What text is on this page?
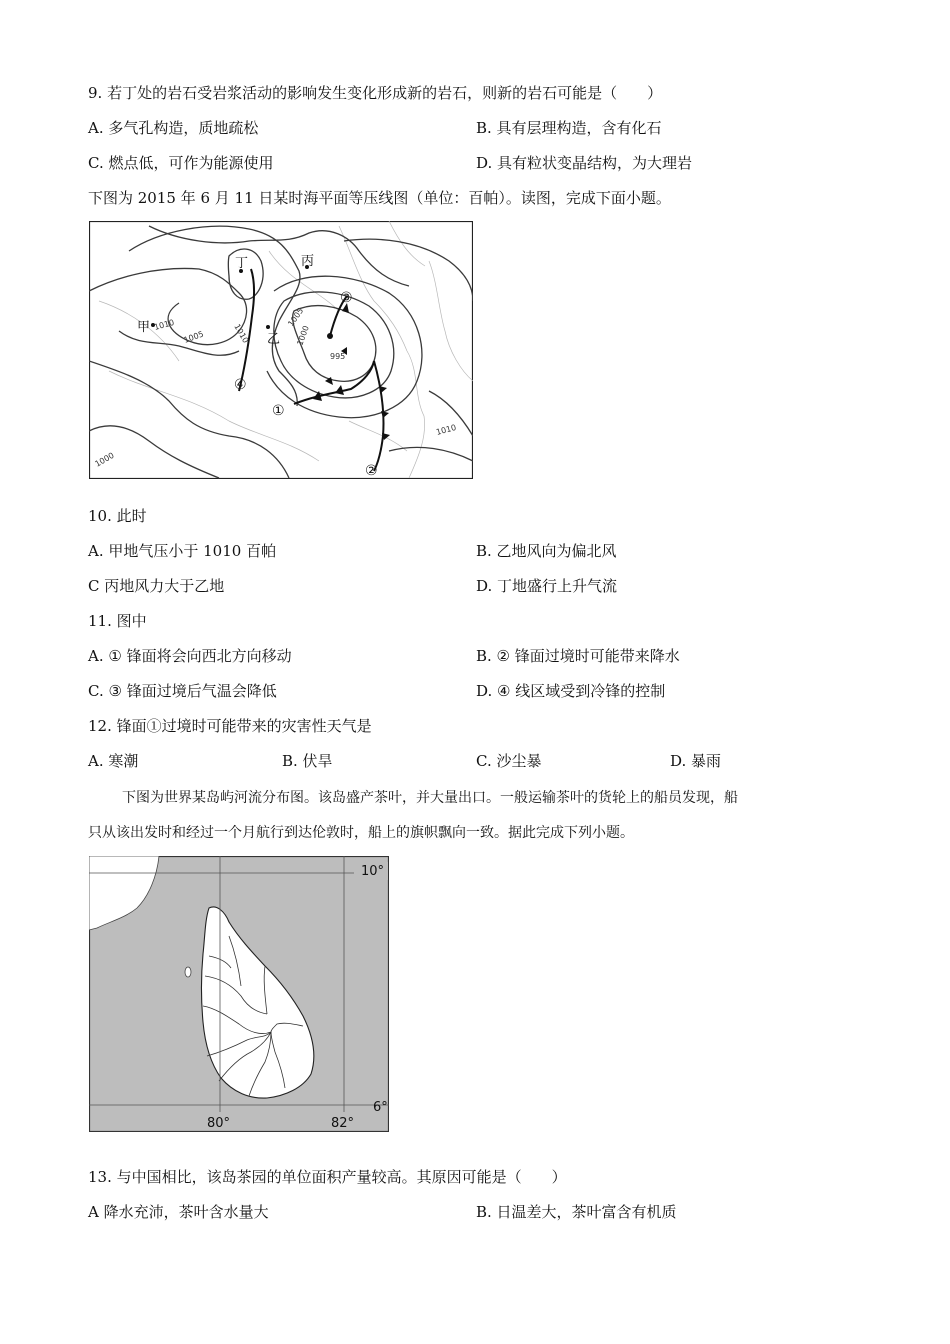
9. 若丁处的岩石受岩浆活动的影响发生变化形成新的岩石，则新的岩石可能是（　　）
A. 多气孔构造，质地疏松	B. 具有层理构造，含有化石
C. 燃点低，可作为能源使用	D. 具有粒状变晶结构，为大理岩
下图为 2015 年 6 月 11 日某时海平面等压线图（单位：百帕）。读图，完成下面小题。
甲
乙
丙
丁
①
②
③
④
1010	1010
1005
1005
1000
1000
1010
995
10. 此时
A. 甲地气压小于 1010 百帕	B. 乙地风向为偏北风
C 丙地风力大于乙地	D. 丁地盛行上升气流
11. 图中
A. ① 锋面将会向西北方向移动	B. ② 锋面过境时可能带来降水
C. ③ 锋面过境后气温会降低	D. ④ 线区域受到冷锋的控制
12. 锋面①过境时可能带来的灾害性天气是
A. 寒潮	B. 伏旱	C. 沙尘暴	D. 暴雨
下图为世界某岛屿河流分布图。该岛盛产茶叶，并大量出口。一般运输茶叶的货轮上的船员发现，船
只从该出发时和经过一个月航行到达伦敦时，船上的旗帜飘向一致。据此完成下列小题。
10°
6°
80°	82°
13. 与中国相比，该岛茶园的单位面积产量较高。其原因可能是（　　）
A 降水充沛，茶叶含水量大	B. 日温差大，茶叶富含有机质
